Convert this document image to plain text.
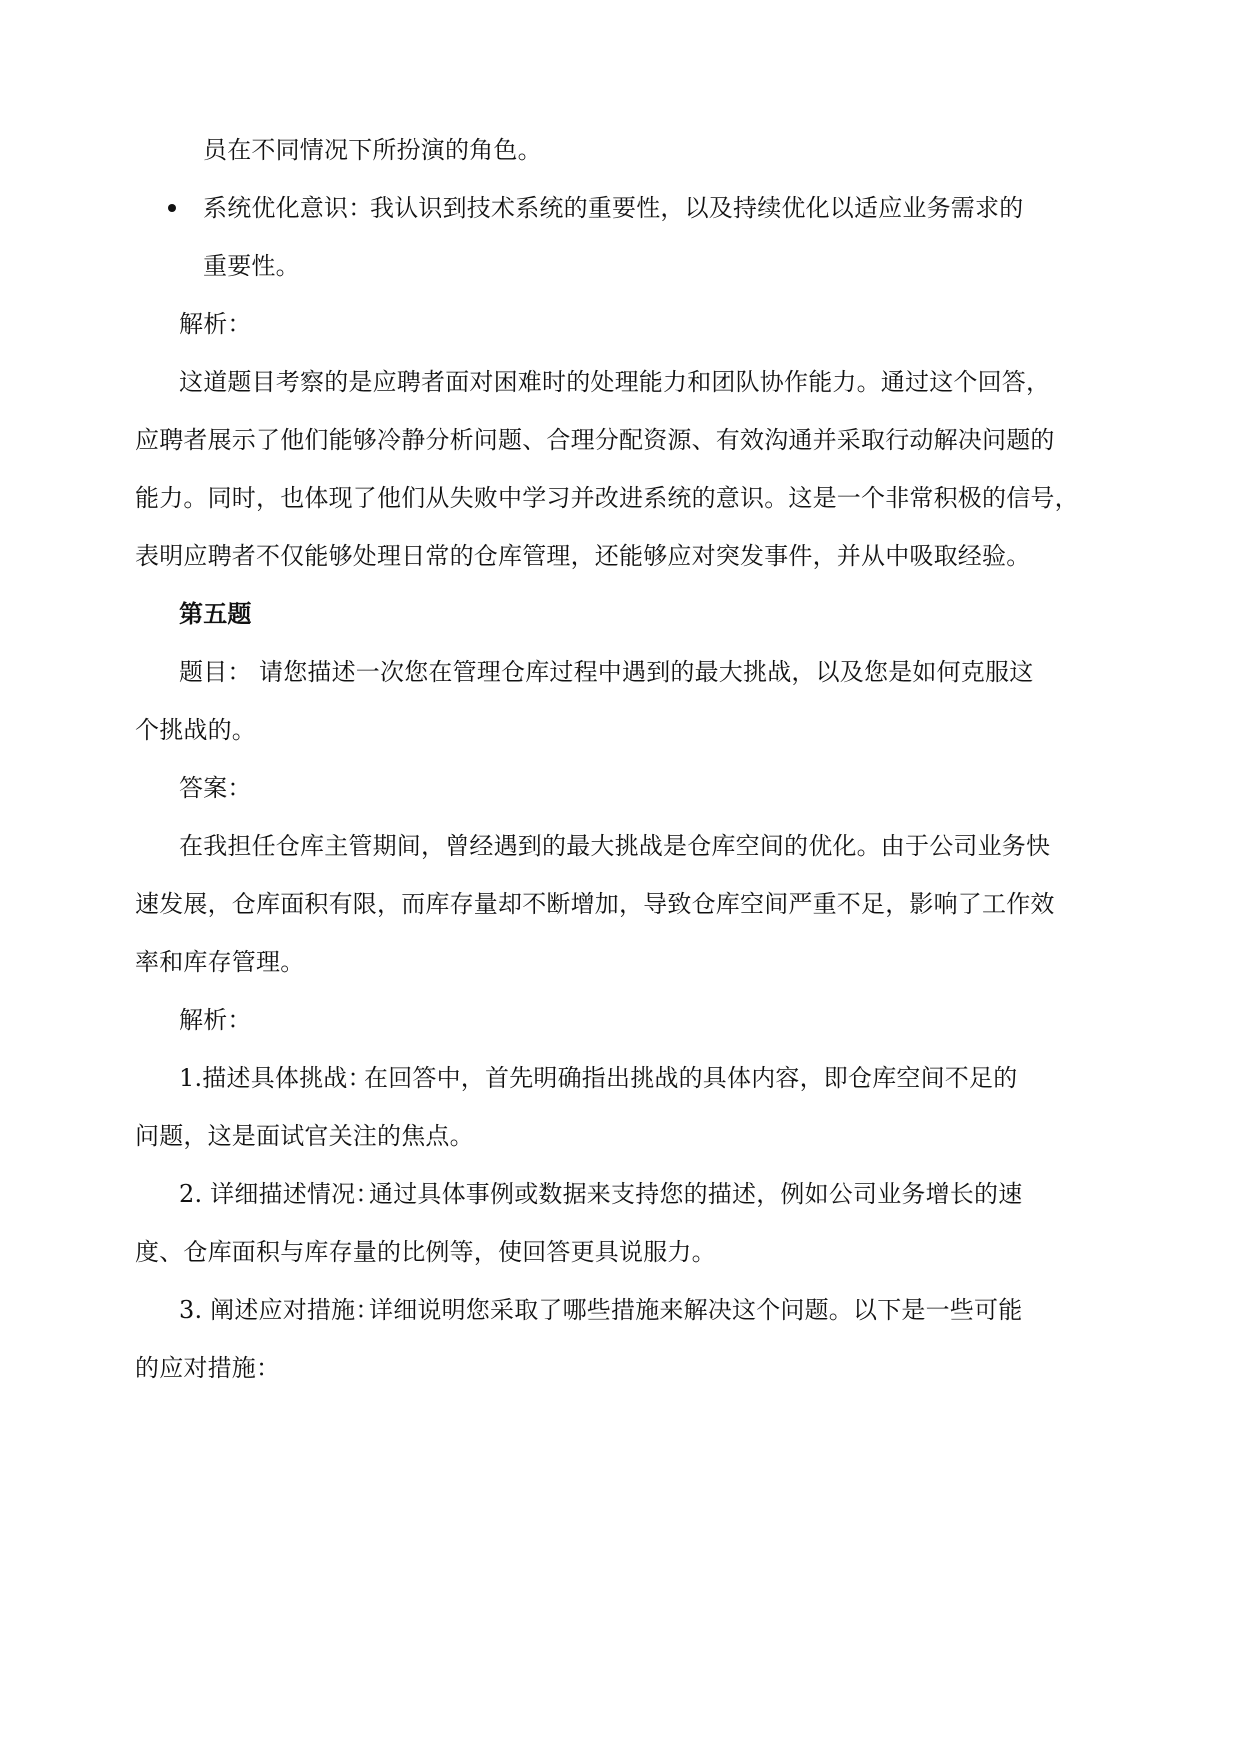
员在不同情况下所扮演的角色。
系统优化意识：
我认识到技术系统的重要性，以及持续优化以适应业务需求的
重要性。
解析：
这道题目考察的是应聘者面对困难时的处理能力和团队协作能力。通过这个回答，
应聘者展示了他们能够冷静分析问题、合理分配资源、有效沟通并采取行动解决问题的
能力。同时，也体现了他们从失败中学习并改进系统的意识。这是一个非常积极的信号，
表明应聘者不仅能够处理日常的仓库管理，还能够应对突发事件，并从中吸取经验。
第五题
题目： 请您描述一次您在管理仓库过程中遇到的最大挑战，以及您是如何克服这
个挑战的。
答案：
在我担任仓库主管期间，曾经遇到的最大挑战是仓库空间的优化。由于公司业务快
速发展，仓库面积有限，而库存量却不断增加，导致仓库空间严重不足，影响了工作效
率和库存管理。
解析：
1.描述具体挑战：
在回答中，首先明确指出挑战的具体内容，即仓库空间不足的
问题，这是面试官关注的焦点。
2. 详细描述情况：
通过具体事例或数据来支持您的描述，例如公司业务增长的速
度、仓库面积与库存量的比例等，使回答更具说服力。
3. 阐述应对措施：
详细说明您采取了哪些措施来解决这个问题。以下是一些可能
的应对措施：
